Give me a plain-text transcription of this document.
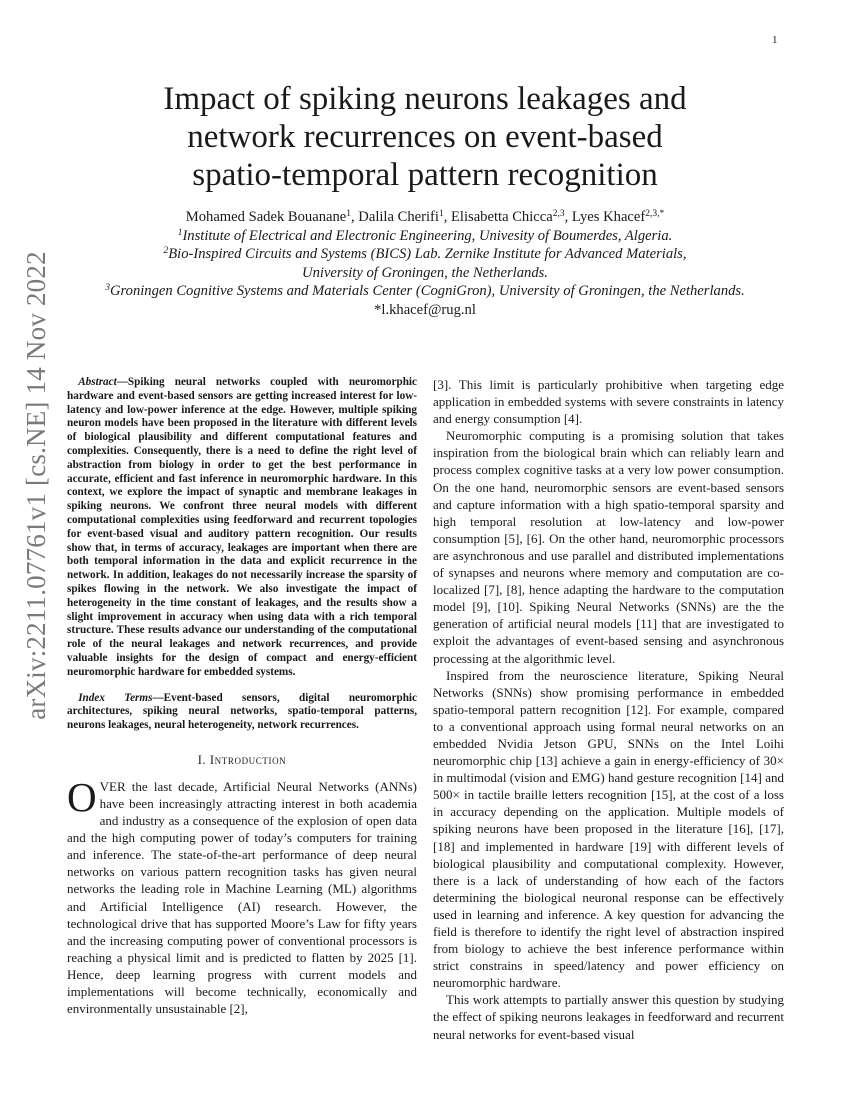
1
arXiv:2211.07761v1 [cs.NE] 14 Nov 2022
Impact of spiking neurons leakages and
network recurrences on event-based
spatio-temporal pattern recognition
Mohamed Sadek Bouanane$^1$, Dalila Cherifi$^1$, Elisabetta Chicca$^{2,3}$, Lyes Khacef$^{2,3,*}$
$^1$Institute of Electrical and Electronic Engineering, Univesity of Boumerdes, Algeria.
$^2$Bio-Inspired Circuits and Systems (BICS) Lab. Zernike Institute for Advanced Materials,
University of Groningen, the Netherlands.
$^3$Groningen Cognitive Systems and Materials Center (CogniGron), University of Groningen, the Netherlands.
*l.khacef@rug.nl

Abstract—Spiking neural networks coupled with neuromorphic hardware and event-based sensors are getting increased interest for low-latency and low-power inference at the edge. However, multiple spiking neuron models have been proposed in the literature with different levels of biological plausibility and different computational features and complexities. Consequently, there is a need to define the right level of abstraction from biology in order to get the best performance in accurate, efficient and fast inference in neuromorphic hardware. In this context, we explore the impact of synaptic and membrane leakages in spiking neurons. We confront three neural models with different computational complexities using feedforward and recurrent topologies for event-based visual and auditory pattern recognition. Our results show that, in terms of accuracy, leakages are important when there are both temporal information in the data and explicit recurrence in the network. In addition, leakages do not necessarily increase the sparsity of spikes flowing in the network. We also investigate the impact of heterogeneity in the time constant of leakages, and the results show a slight improvement in accuracy when using data with a rich temporal structure. These results advance our understanding of the computational role of the neural leakages and network recurrences, and provide valuable insights for the design of compact and energy-efficient neuromorphic hardware for embedded systems.

Index Terms—Event-based sensors, digital neuromorphic architectures, spiking neural networks, spatio-temporal patterns, neurons leakages, neural heterogeneity, network recurrences.

I. Introduction

OVER the last decade, Artificial Neural Networks (ANNs) have been increasingly attracting interest in both academia and industry as a consequence of the explosion of open data and the high computing power of today’s computers for training and inference. The state-of-the-art performance of deep neural networks on various pattern recognition tasks has given neural networks the leading role in Machine Learning (ML) algorithms and Artificial Intelligence (AI) research. However, the technological drive that has supported Moore’s Law for fifty years and the increasing computing power of conventional processors is reaching a physical limit and is predicted to flatten by 2025 [1]. Hence, deep learning progress with current models and implementations will become technically, economically and environmentally unsustainable [2],

[3]. This limit is particularly prohibitive when targeting edge application in embedded systems with severe constraints in latency and energy consumption [4].

Neuromorphic computing is a promising solution that takes inspiration from the biological brain which can reliably learn and process complex cognitive tasks at a very low power consumption. On the one hand, neuromorphic sensors are event-based sensors and capture information with a high spatio-temporal sparsity and high temporal resolution at low-latency and low-power consumption [5], [6]. On the other hand, neuromorphic processors are asynchronous and use parallel and distributed implementations of synapses and neurons where memory and computation are co-localized [7], [8], hence adapting the hardware to the computation model [9], [10]. Spiking Neural Networks (SNNs) are the the generation of artificial neural models [11] that are investigated to exploit the advantages of event-based sensing and asynchronous processing at the algorithmic level.

Inspired from the neuroscience literature, Spiking Neural Networks (SNNs) show promising performance in embedded spatio-temporal pattern recognition [12]. For example, compared to a conventional approach using formal neural networks on an embedded Nvidia Jetson GPU, SNNs on the Intel Loihi neuromorphic chip [13] achieve a gain in energy-efficiency of 30× in multimodal (vision and EMG) hand gesture recognition [14] and 500× in tactile braille letters recognition [15], at the cost of a loss in accuracy depending on the application. Multiple models of spiking neurons have been proposed in the literature [16], [17], [18] and implemented in hardware [19] with different levels of biological plausibility and computational complexity. However, there is a lack of understanding of how each of the factors determining the biological neuronal response can be effectively used in learning and inference. A key question for advancing the field is therefore to identify the right level of abstraction inspired from biology to achieve the best inference performance within strict constrains in speed/latency and power efficiency on neuromorphic hardware.

This work attempts to partially answer this question by studying the effect of spiking neurons leakages in feedforward and recurrent neural networks for event-based visual
